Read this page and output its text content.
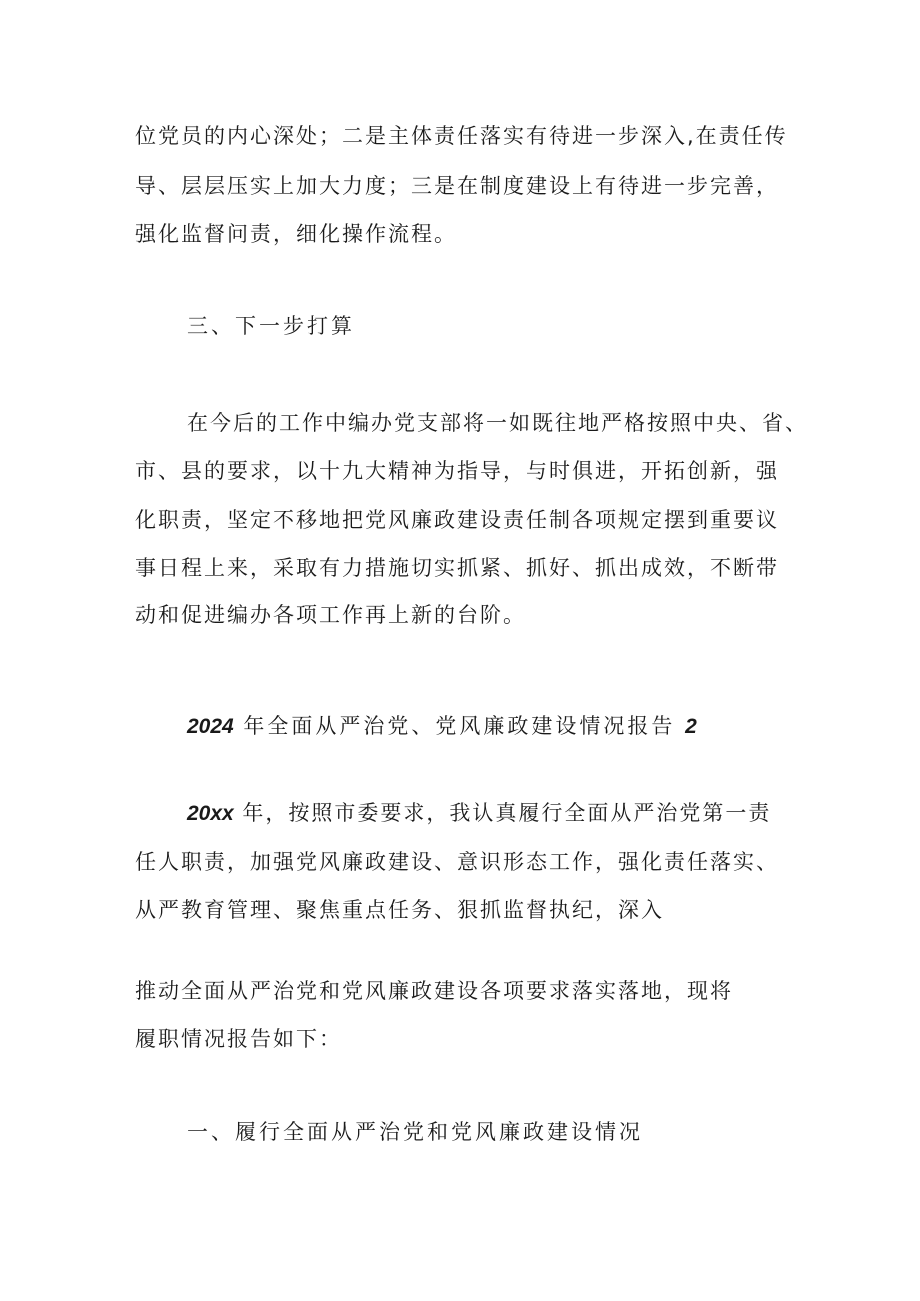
位党员的内心深处；二是主体责任落实有待进一步深入,在责任传
导、层层压实上加大力度；三是在制度建设上有待进一步完善，
强化监督问责，细化操作流程。
三、下一步打算
在今后的工作中编办党支部将一如既往地严格按照中央、省、
市、县的要求，以十九大精神为指导，与时俱进，开拓创新，强
化职责，坚定不移地把党风廉政建设责任制各项规定摆到重要议
事日程上来，采取有力措施切实抓紧、抓好、抓出成效，不断带
动和促进编办各项工作再上新的台阶。
2024 年全面从严治党、党风廉政建设情况报告 2
20xx 年，按照市委要求，我认真履行全面从严治党第一责
任人职责，加强党风廉政建设、意识形态工作，强化责任落实、
从严教育管理、聚焦重点任务、狠抓监督执纪，深入
推动全面从严治党和党风廉政建设各项要求落实落地，现将
履职情况报告如下：
一、履行全面从严治党和党风廉政建设情况
